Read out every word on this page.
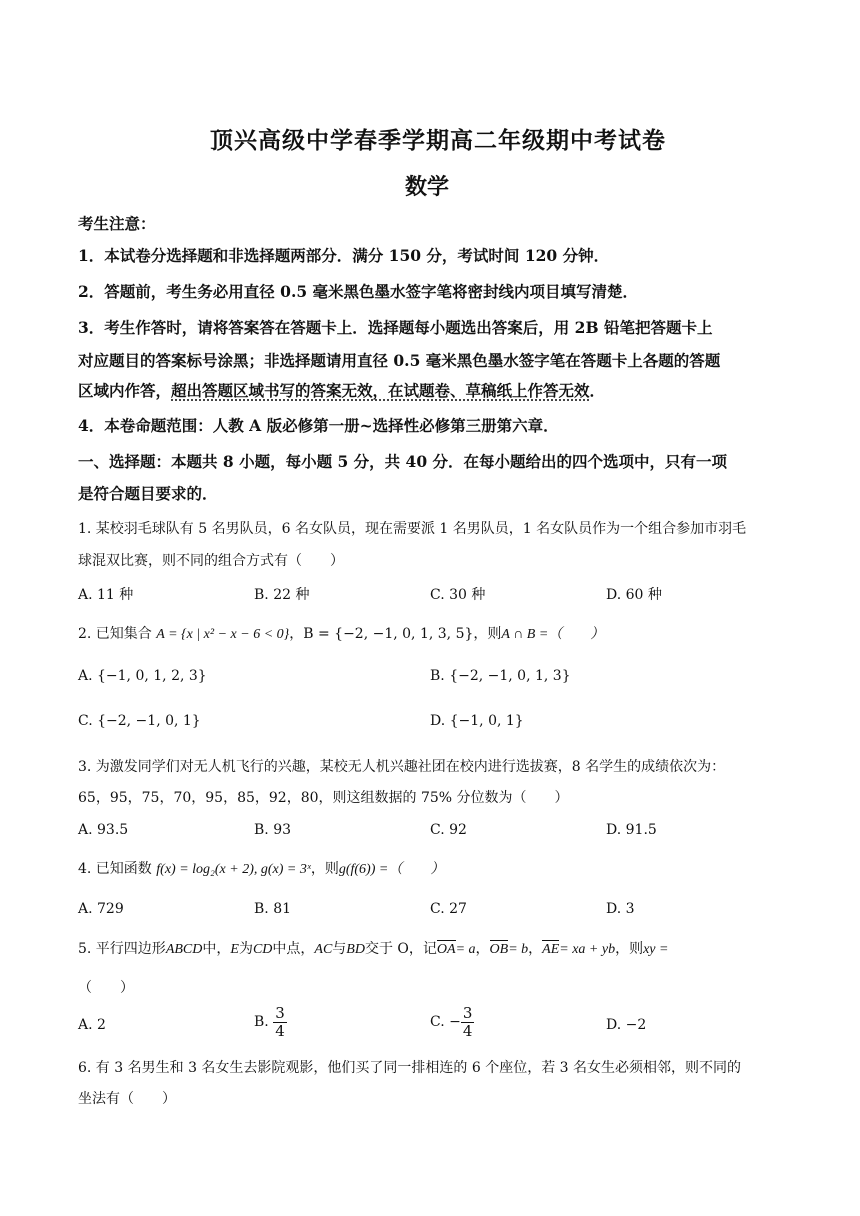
顶兴高级中学春季学期高二年级期中考试卷
数学
考生注意：
1．本试卷分选择题和非选择题两部分．满分 150 分，考试时间 120 分钟．
2．答题前，考生务必用直径 0.5 毫米黑色墨水签字笔将密封线内项目填写清楚．
3．考生作答时，请将答案答在答题卡上．选择题每小题选出答案后，用 2B 铅笔把答题卡上
对应题目的答案标号涂黑；非选择题请用直径 0.5 毫米黑色墨水签字笔在答题卡上各题的答题
区域内作答，超出答题区域书写的答案无效，在试题卷、草稿纸上作答无效．
4．本卷命题范围：人教 A 版必修第一册~选择性必修第三册第六章．
一、选择题：本题共 8 小题，每小题 5 分，共 40 分．在每小题给出的四个选项中，只有一项
是符合题目要求的．
1. 某校羽毛球队有 5 名男队员，6 名女队员，现在需要派 1 名男队员，1 名女队员作为一个组合参加市羽毛
球混双比赛，则不同的组合方式有（　　）
A. 11 种	B. 22 种	C. 30 种	D. 60 种
2. 已知集合 A = {x | x² − x − 6 < 0}，B = {−2, −1, 0, 1, 3, 5}，则A ∩ B =（　　）
A. {−1, 0, 1, 2, 3}	B. {−2, −1, 0, 1, 3}
C. {−2, −1, 0, 1}	D. {−1, 0, 1}
3. 为激发同学们对无人机飞行的兴趣，某校无人机兴趣社团在校内进行选拔赛，8 名学生的成绩依次为：
65，95，75，70，95，85，92，80，则这组数据的 75% 分位数为（　　）
A. 93.5	B. 93	C. 92	D. 91.5
4. 已知函数 f(x) = log₂(x + 2), g(x) = 3ˣ，则g(f(6)) =（　　）
A. 729	B. 81	C. 27	D. 3
5. 平行四边形ABCD中，E为CD中点，AC与BD交于 O，记OA= a，OB= b，AE= xa + yb，则xy =
（　　）
A. 2	B. $\frac{3}{4}$	C. − $\frac{3}{4}$	D. −2
6. 有 3 名男生和 3 名女生去影院观影，他们买了同一排相连的 6 个座位，若 3 名女生必须相邻，则不同的
坐法有（　　）
